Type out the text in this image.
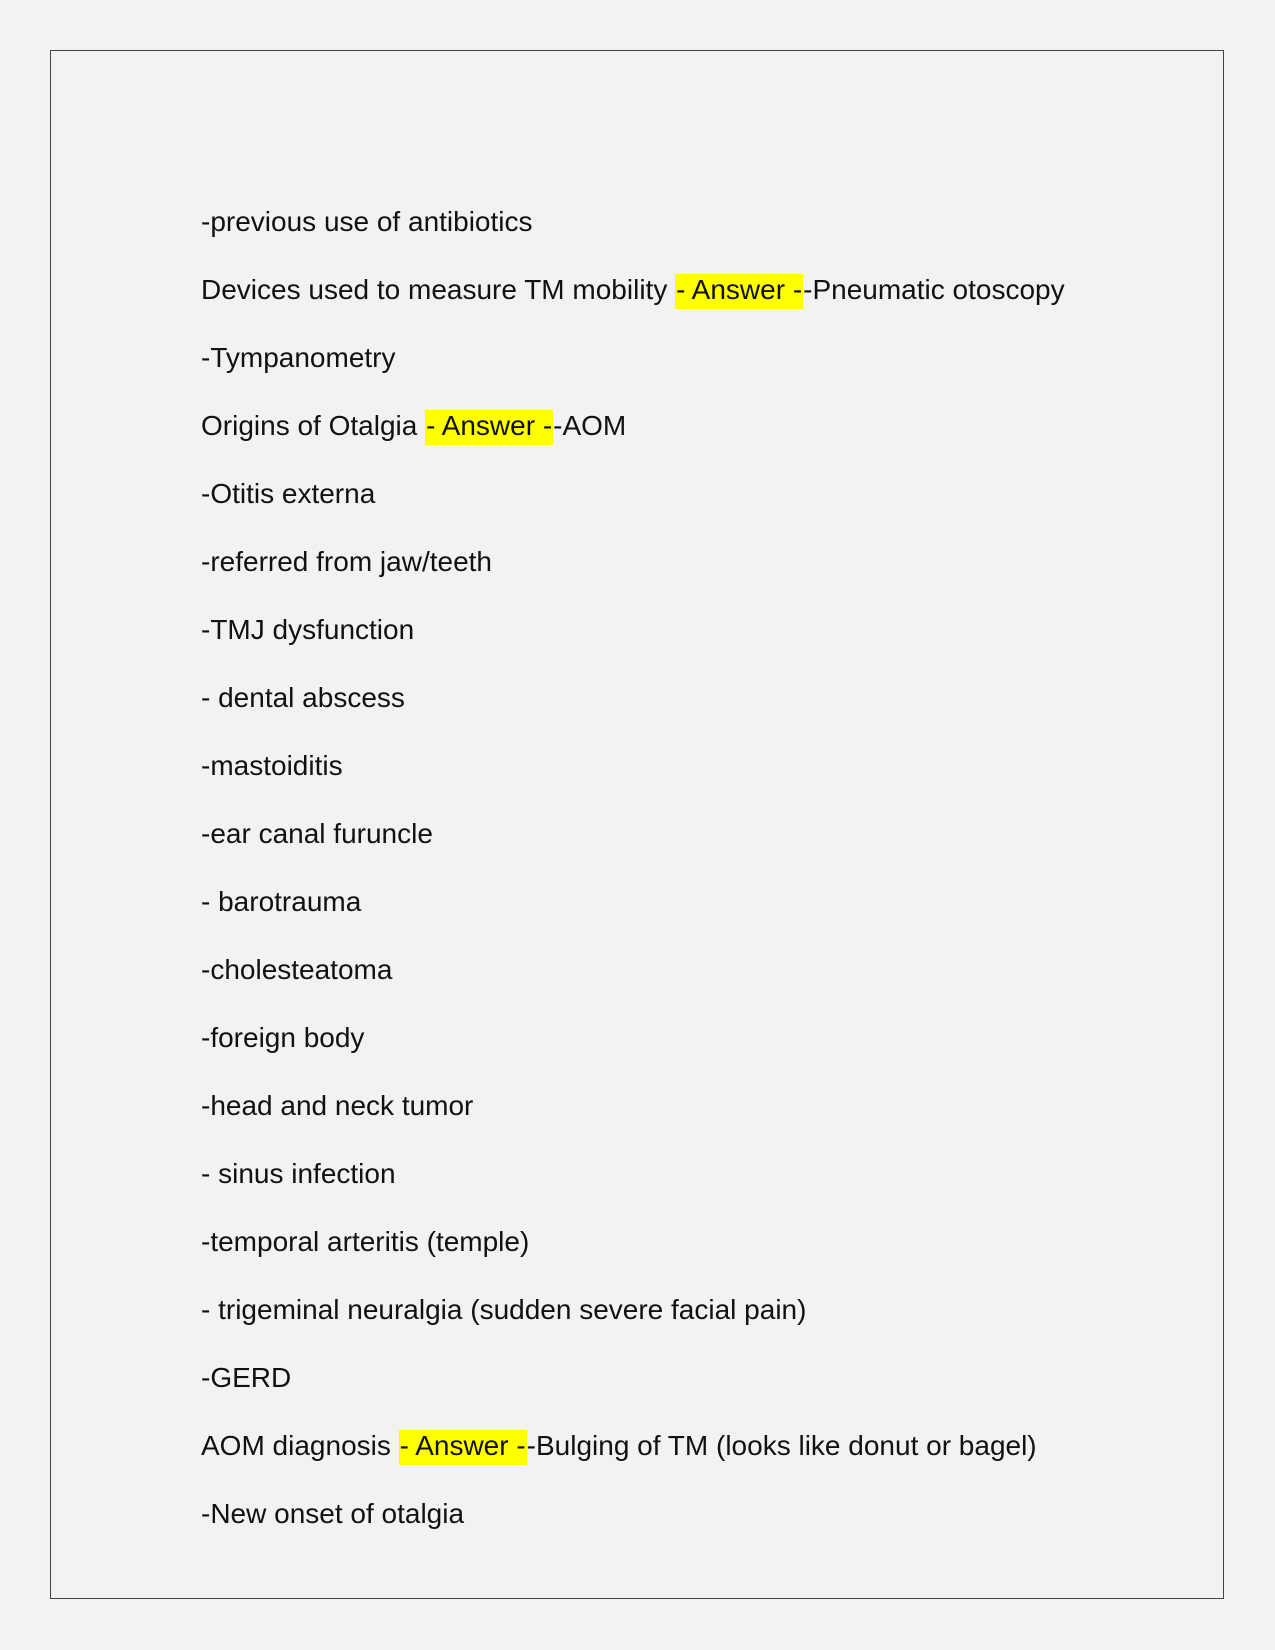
-previous use of antibiotics
Devices used to measure TM mobility - Answer --Pneumatic otoscopy
-Tympanometry
Origins of Otalgia - Answer --AOM
-Otitis externa
-referred from jaw/teeth
-TMJ dysfunction
- dental abscess
-mastoiditis
-ear canal furuncle
- barotrauma
-cholesteatoma
-foreign body
-head and neck tumor
- sinus infection
-temporal arteritis (temple)
- trigeminal neuralgia (sudden severe facial pain)
-GERD
AOM diagnosis - Answer --Bulging of TM (looks like donut or bagel)
-New onset of otalgia
